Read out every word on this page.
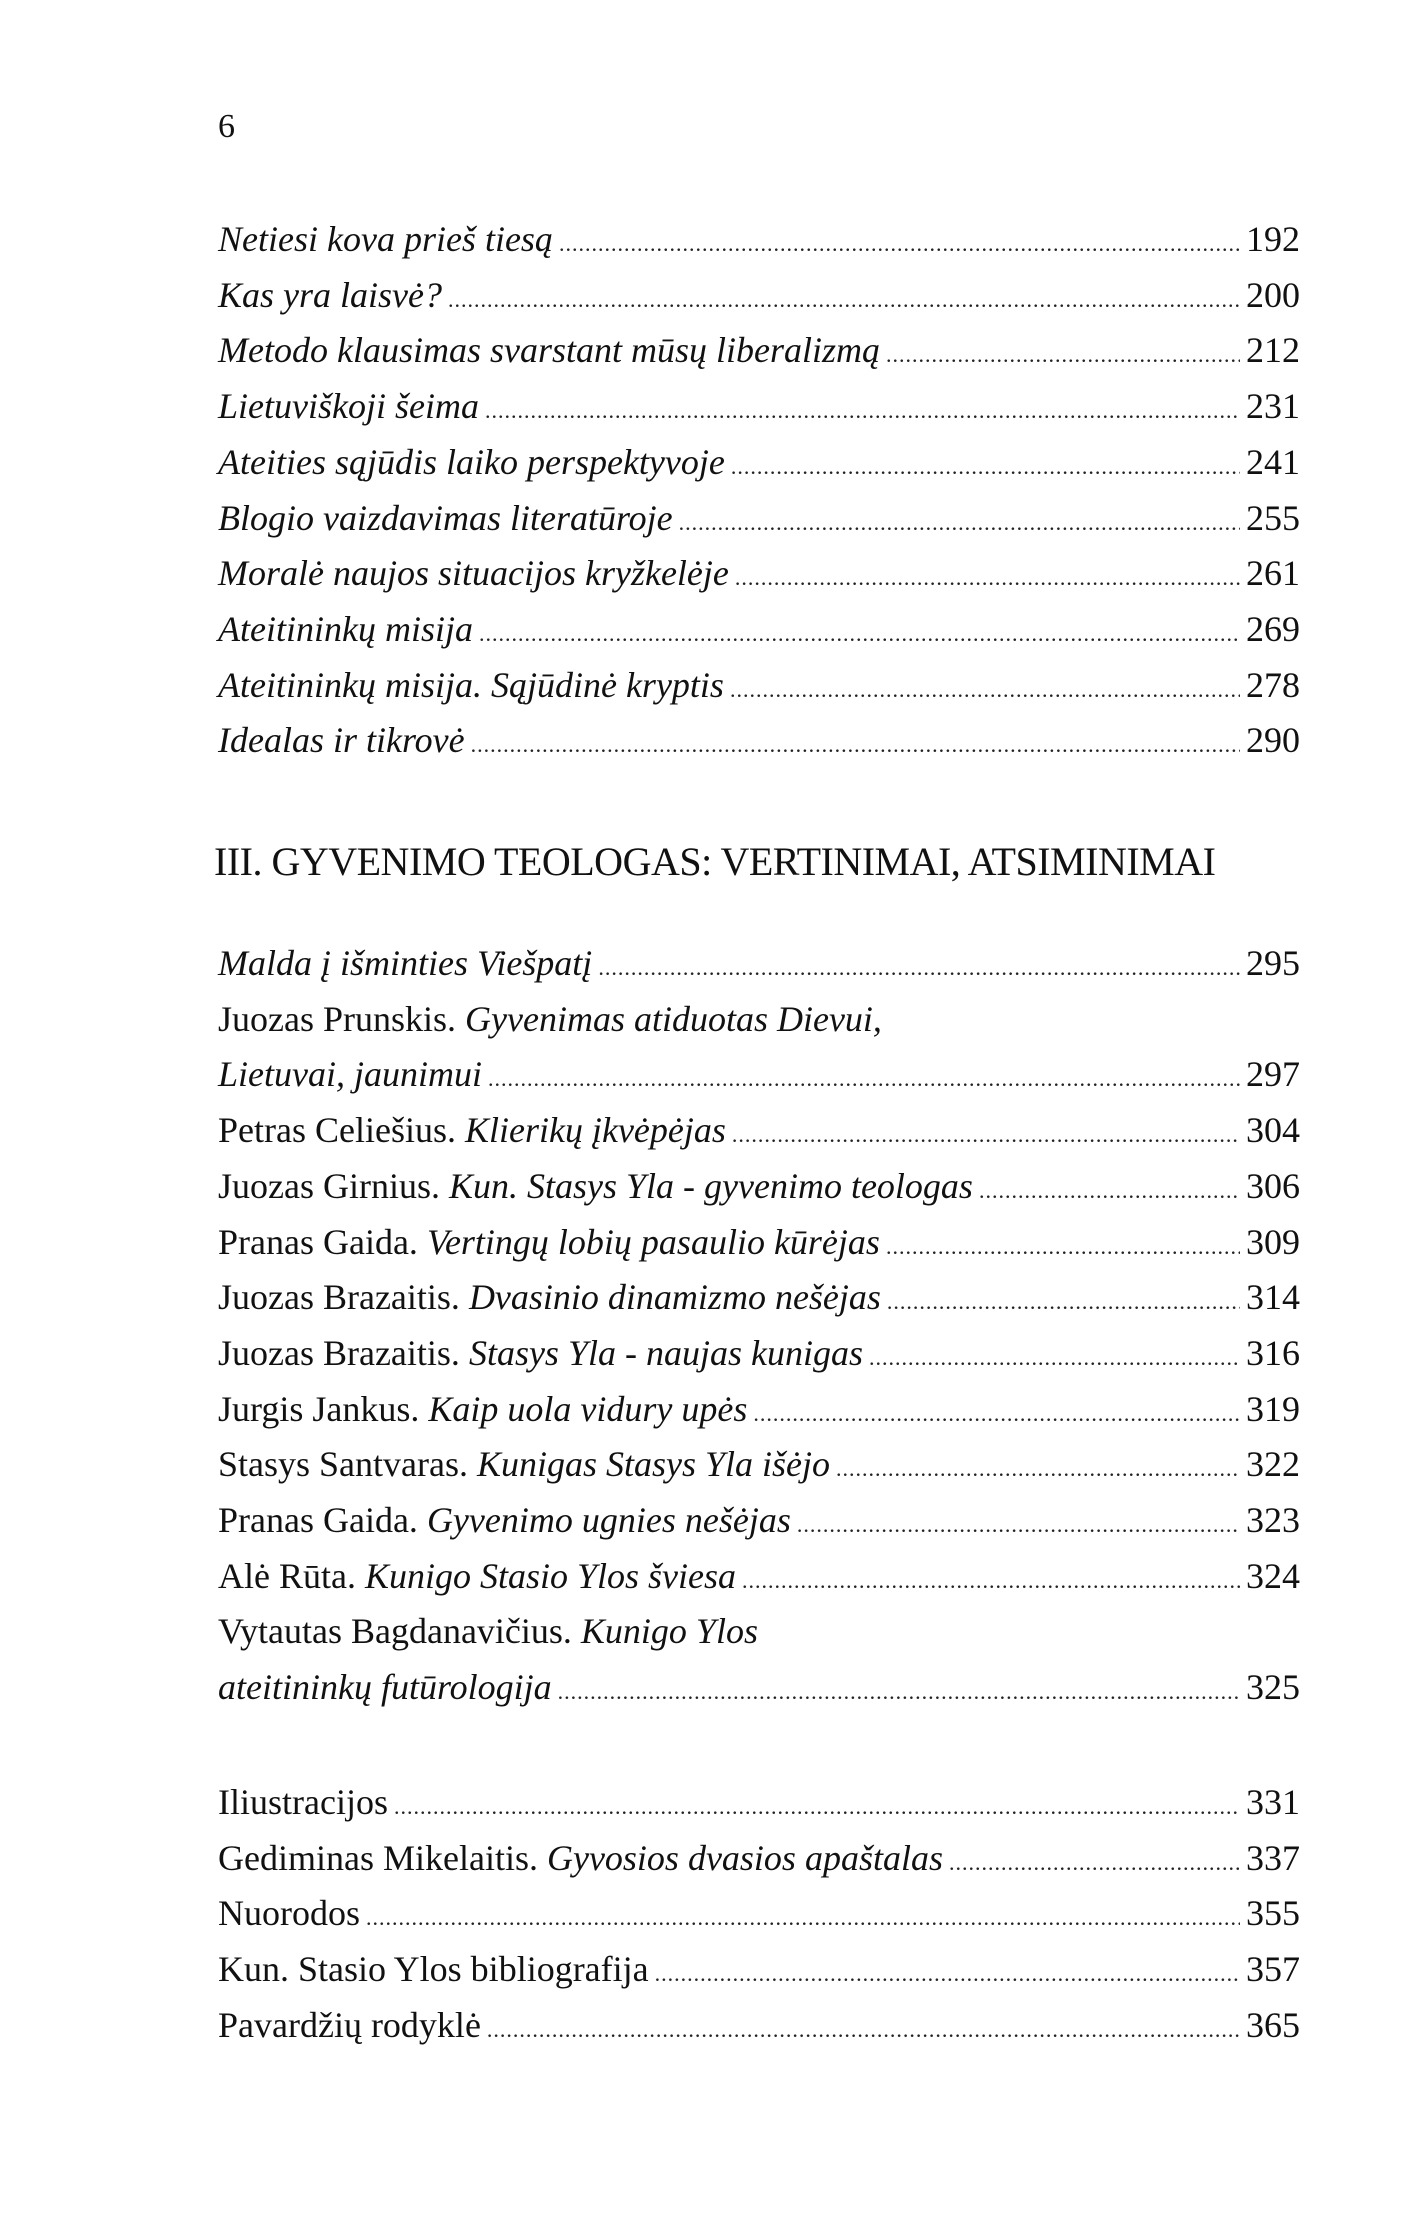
6
Netiesi kova prieš tiesą .....	192
Kas yra laisvė? .....	200
Metodo klausimas svarstant mūsų liberalizmą .....	212
Lietuviškoji šeima .....	231
Ateities sąjūdis laiko perspektyvoje .....	241
Blogio vaizdavimas literatūroje .....	255
Moralė naujos situacijos kryžkelėje .....	261
Ateitininkų misija .....	269
Ateitininkų misija. Sąjūdinė kryptis .....	278
Idealas ir tikrovė .....	290
Malda į išminties Viešpatį .....	295
Juozas Prunskis. Gyvenimas atiduotas Dievui,
Lietuvai, jaunimui .....	297
Petras Celiešius. Klierikų įkvėpėjas .....	304
Juozas Girnius. Kun. Stasys Yla - gyvenimo teologas .....	306
Pranas Gaida. Vertingų lobių pasaulio kūrėjas .....	309
Juozas Brazaitis. Dvasinio dinamizmo nešėjas .....	314
Juozas Brazaitis. Stasys Yla - naujas kunigas .....	316
Jurgis Jankus. Kaip uola vidury upės .....	319
Stasys Santvaras. Kunigas Stasys Yla išėjo .....	322
Pranas Gaida. Gyvenimo ugnies nešėjas .....	323
Alė Rūta. Kunigo Stasio Ylos šviesa .....	324
Vytautas Bagdanavičius. Kunigo Ylos
ateitininkų futūrologija .....	325
Iliustracijos .....	331
Gediminas Mikelaitis. Gyvosios dvasios apaštalas .....	337
Nuorodos .....	355
Kun. Stasio Ylos bibliografija .....	357
Pavardžių rodyklė .....	365
III. GYVENIMO TEOLOGAS: VERTINIMAI, ATSIMINIMAI
